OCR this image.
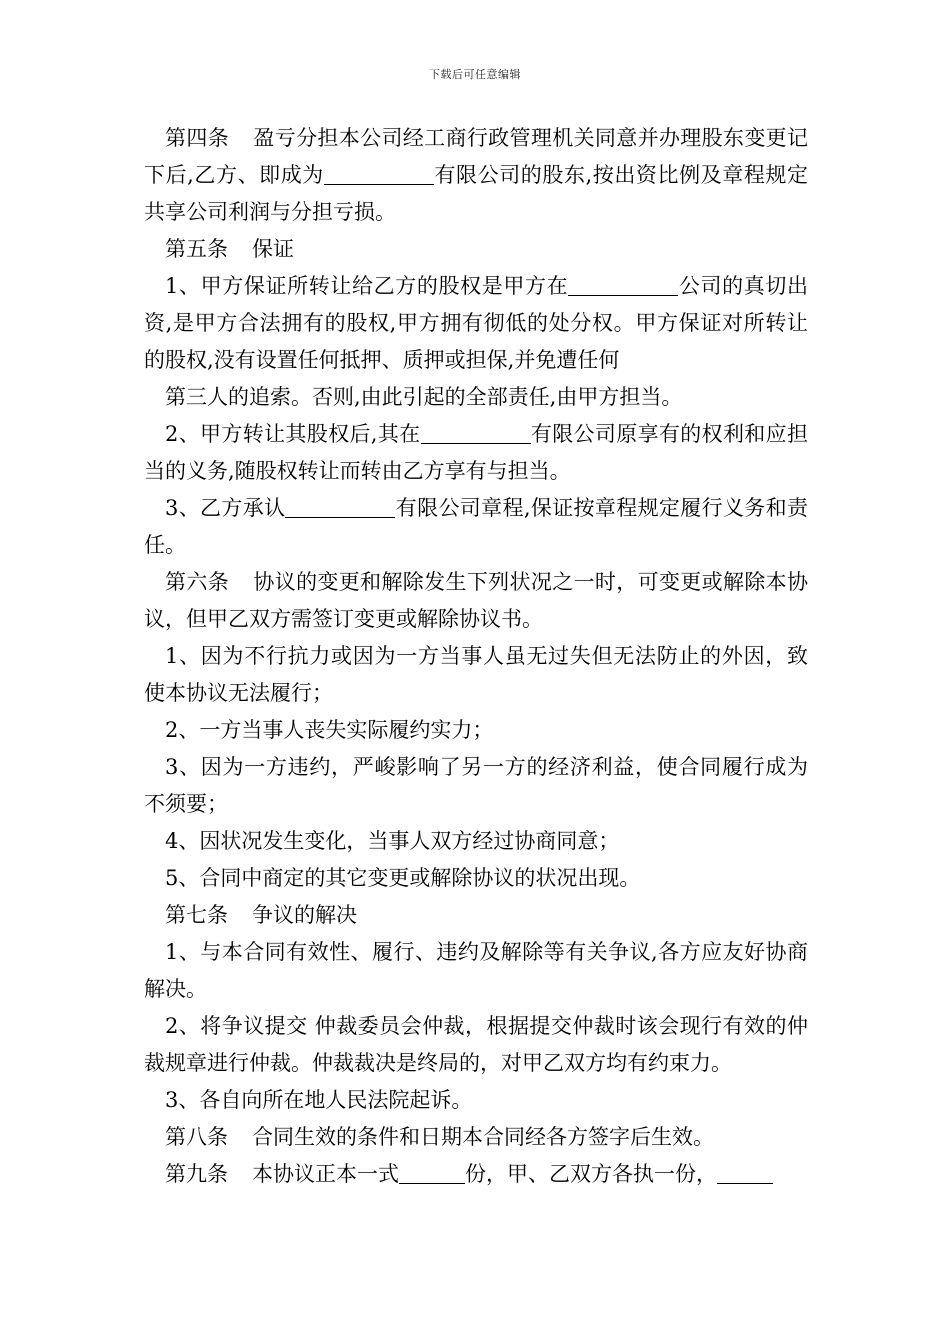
下载后可任意编辑

第四条 盈亏分担本公司经工商行政管理机关同意并办理股东变更记下后,乙方、即成为	有限公司的股东,按出资比例及章程规定共享公司利润与分担亏损。

第五条 保证

1、甲方保证所转让给乙方的股权是甲方在	公司的真切出资,是甲方合法拥有的股权,甲方拥有彻低的处分权。甲方保证对所转让的股权,没有设置任何抵押、质押或担保,并免遭任何

第三人的追索。否则,由此引起的全部责任,由甲方担当。

2、甲方转让其股权后,其在	有限公司原享有的权利和应担当的义务,随股权转让而转由乙方享有与担当。

3、乙方承认	有限公司章程,保证按章程规定履行义务和责任。

第六条 协议的变更和解除发生下列状况之一时，可变更或解除本协议，但甲乙双方需签订变更或解除协议书。

1、因为不行抗力或因为一方当事人虽无过失但无法防止的外因，致使本协议无法履行；

2、一方当事人丧失实际履约实力；

3、因为一方违约，严峻影响了另一方的经济利益，使合同履行成为不须要；

4、因状况发生变化，当事人双方经过协商同意；

5、合同中商定的其它变更或解除协议的状况出现。

第七条 争议的解决

1、与本合同有效性、履行、违约及解除等有关争议,各方应友好协商解决。

2、将争议提交 仲裁委员会仲裁，根据提交仲裁时该会现行有效的仲裁规章进行仲裁。仲裁裁决是终局的，对甲乙双方均有约束力。

3、各自向所在地人民法院起诉。

第八条 合同生效的条件和日期本合同经各方签字后生效。

第九条 本协议正本一式	份，甲、乙双方各执一份，
